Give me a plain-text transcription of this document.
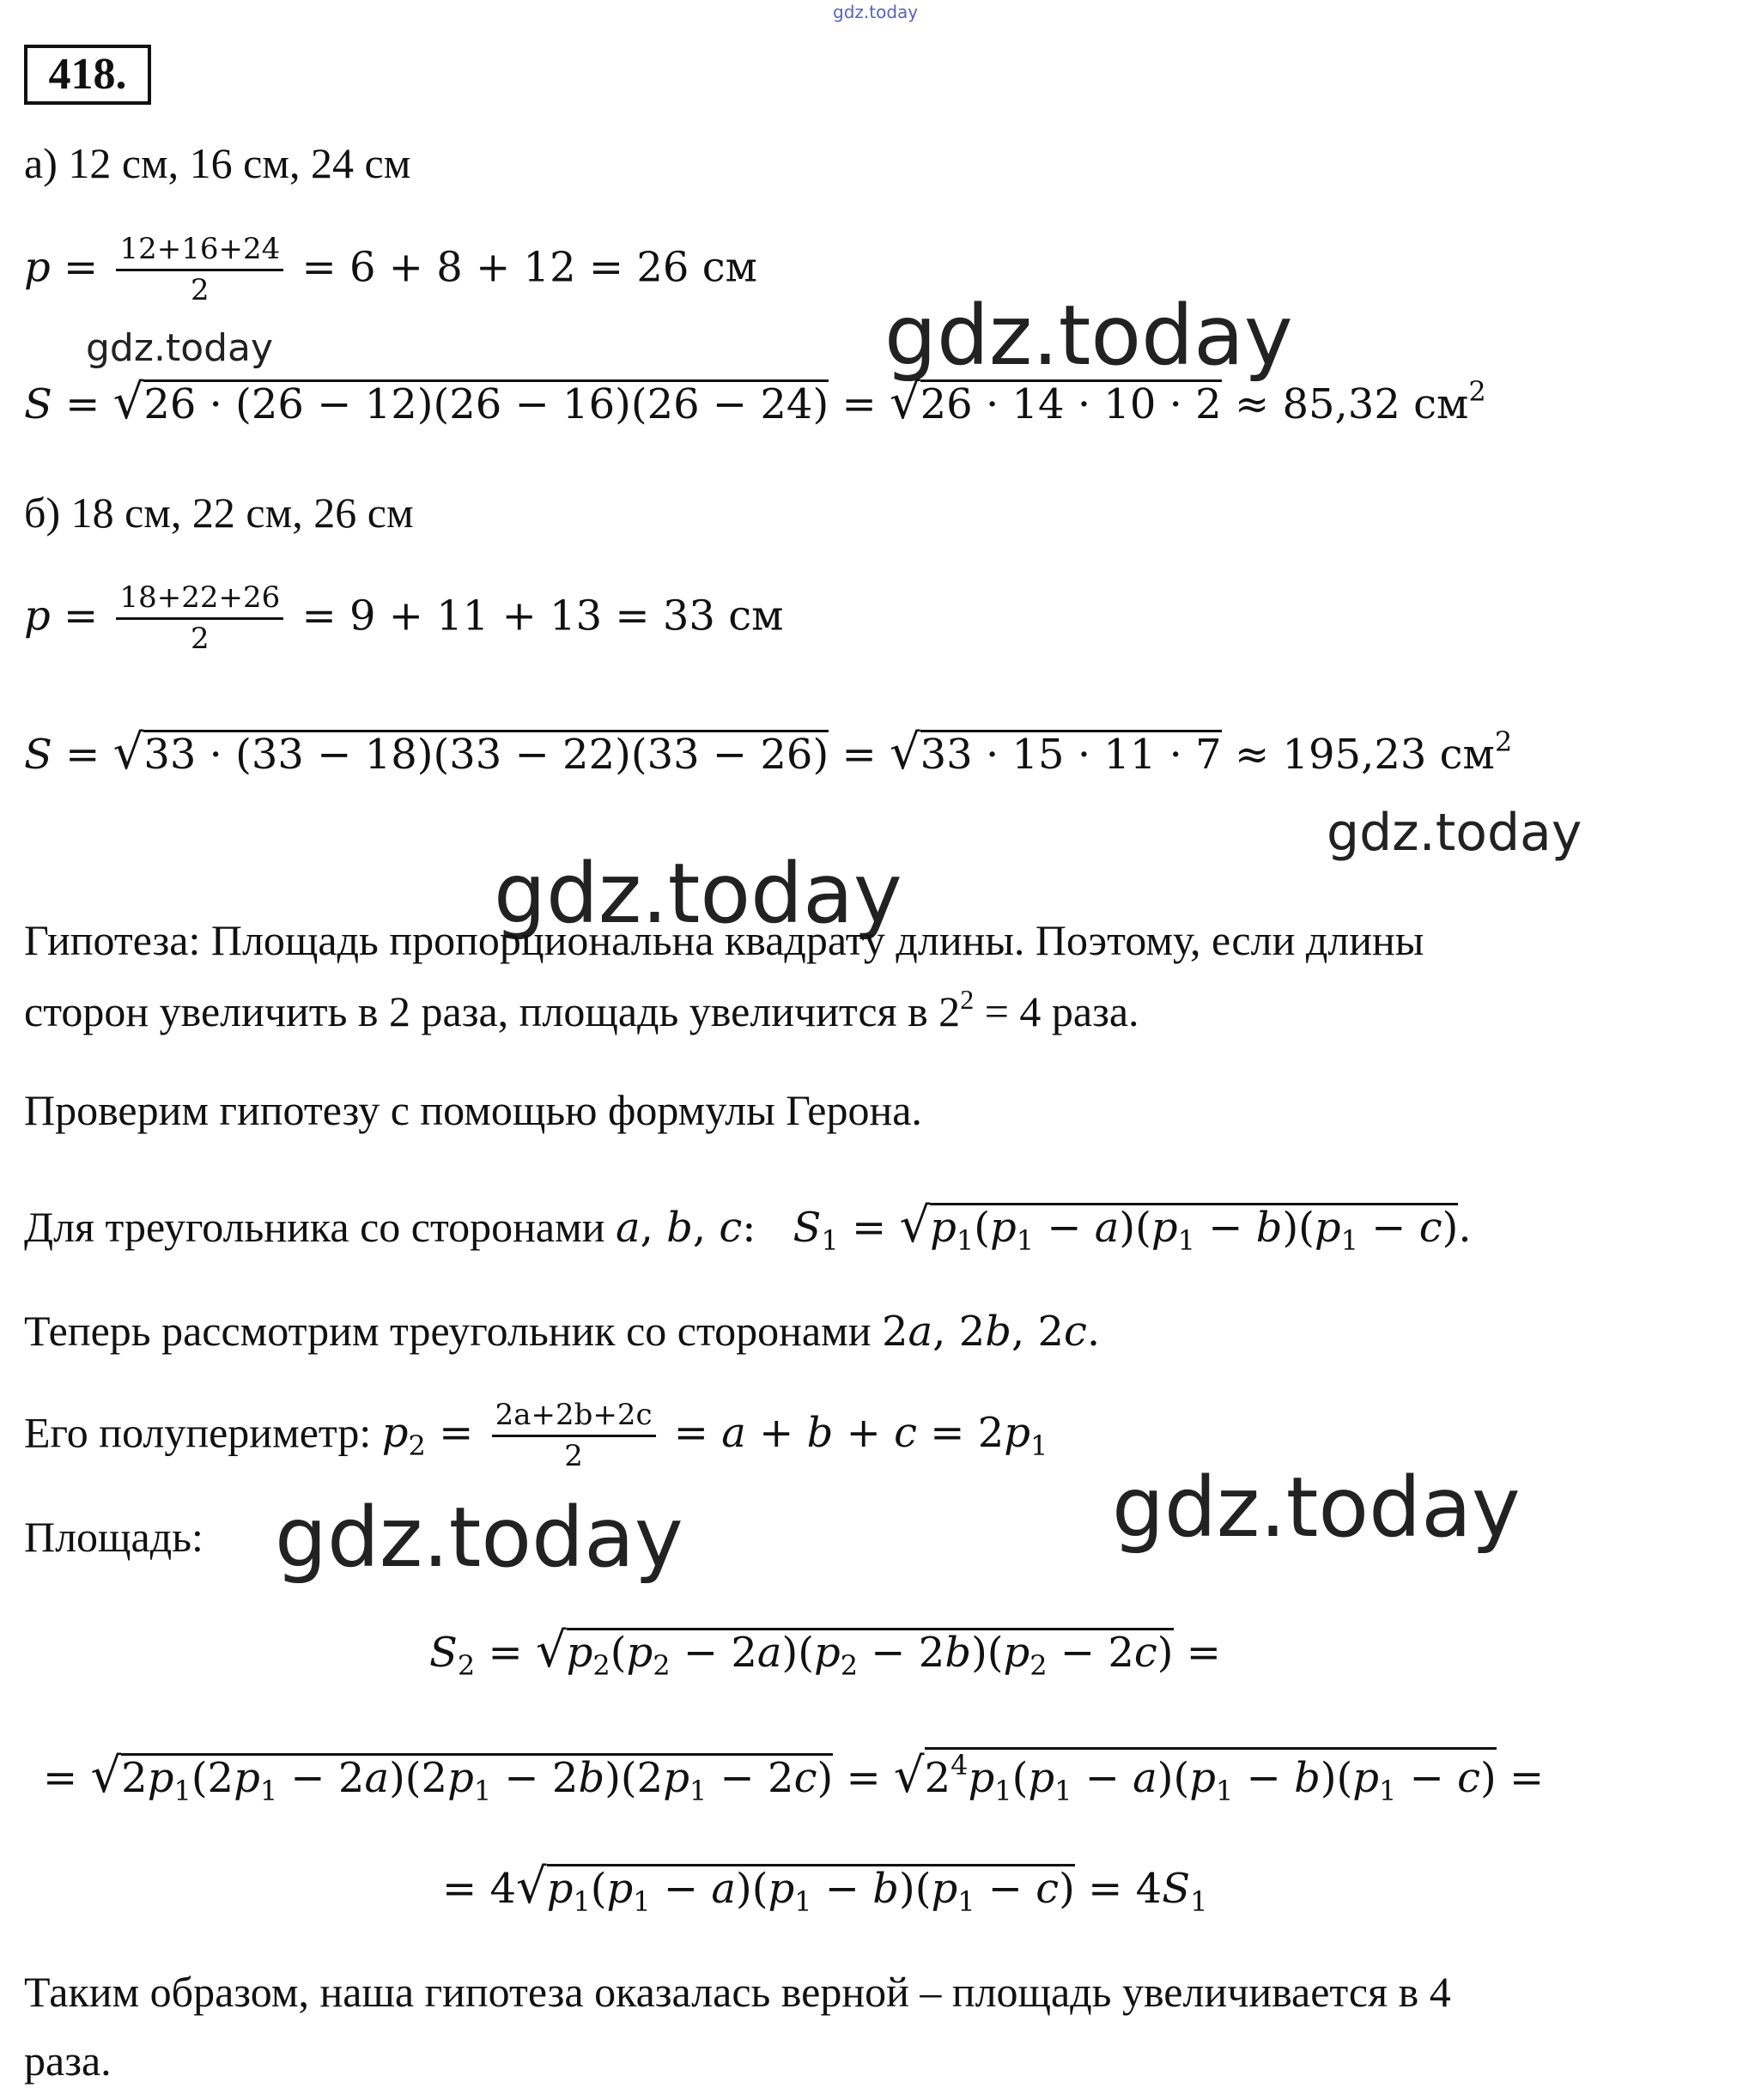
gdz.today
418.
а) 12 см, 16 см, 24 см
$p = \frac{12+16+24}{2} = 6 + 8 + 12 = 26$ см
gdz.today	gdz.today
S = √26 · (26 − 12)(26 − 16)(26 − 24) = √26 · 14 · 10 · 2 ≈ 85,32 $см^2$
б) 18 см, 22 см, 26 см
$p = \frac{18+22+26}{2} = 9 + 11 + 13 = 33$ см
S = √33 · (33 − 18)(33 − 22)(33 − 26) = √33 · 15 · 11 · 7 ≈ 195,23 $см^2$
gdz.today
gdz.today
Гипотеза: Площадь пропорциональна квадрату длины. Поэтому, если длины
сторон увеличить в 2 раза, площадь увеличится в $2^2 = 4$ раза.
Проверим гипотезу с помощью формулы Герона.
Для треугольника со сторонами a, b, c:   $S_1 = √p_1(p_1 - a)(p_1 - b)(p_1 - c)$.
Теперь рассмотрим треугольник со сторонами 2a, 2b, 2c.
Его полупериметр: $p_2 = \frac{2a+2b+2c}{2} = a + b + c = 2p_1$
gdz.today
Площадь: gdz.today
$S_2 = √p_2(p_2 - 2a)(p_2 - 2b)(p_2 - 2c)$ =
= $√2p_1(2p_1 - 2a)(2p_1 - 2b)(2p_1 - 2c) = √2^4p_1(p_1 - a)(p_1 - b)(p_1 - c)$ =
= $4√p_1(p_1 - a)(p_1 - b)(p_1 - c) = 4S_1$
Таким образом, наша гипотеза оказалась верной – площадь увеличивается в 4
раза.
